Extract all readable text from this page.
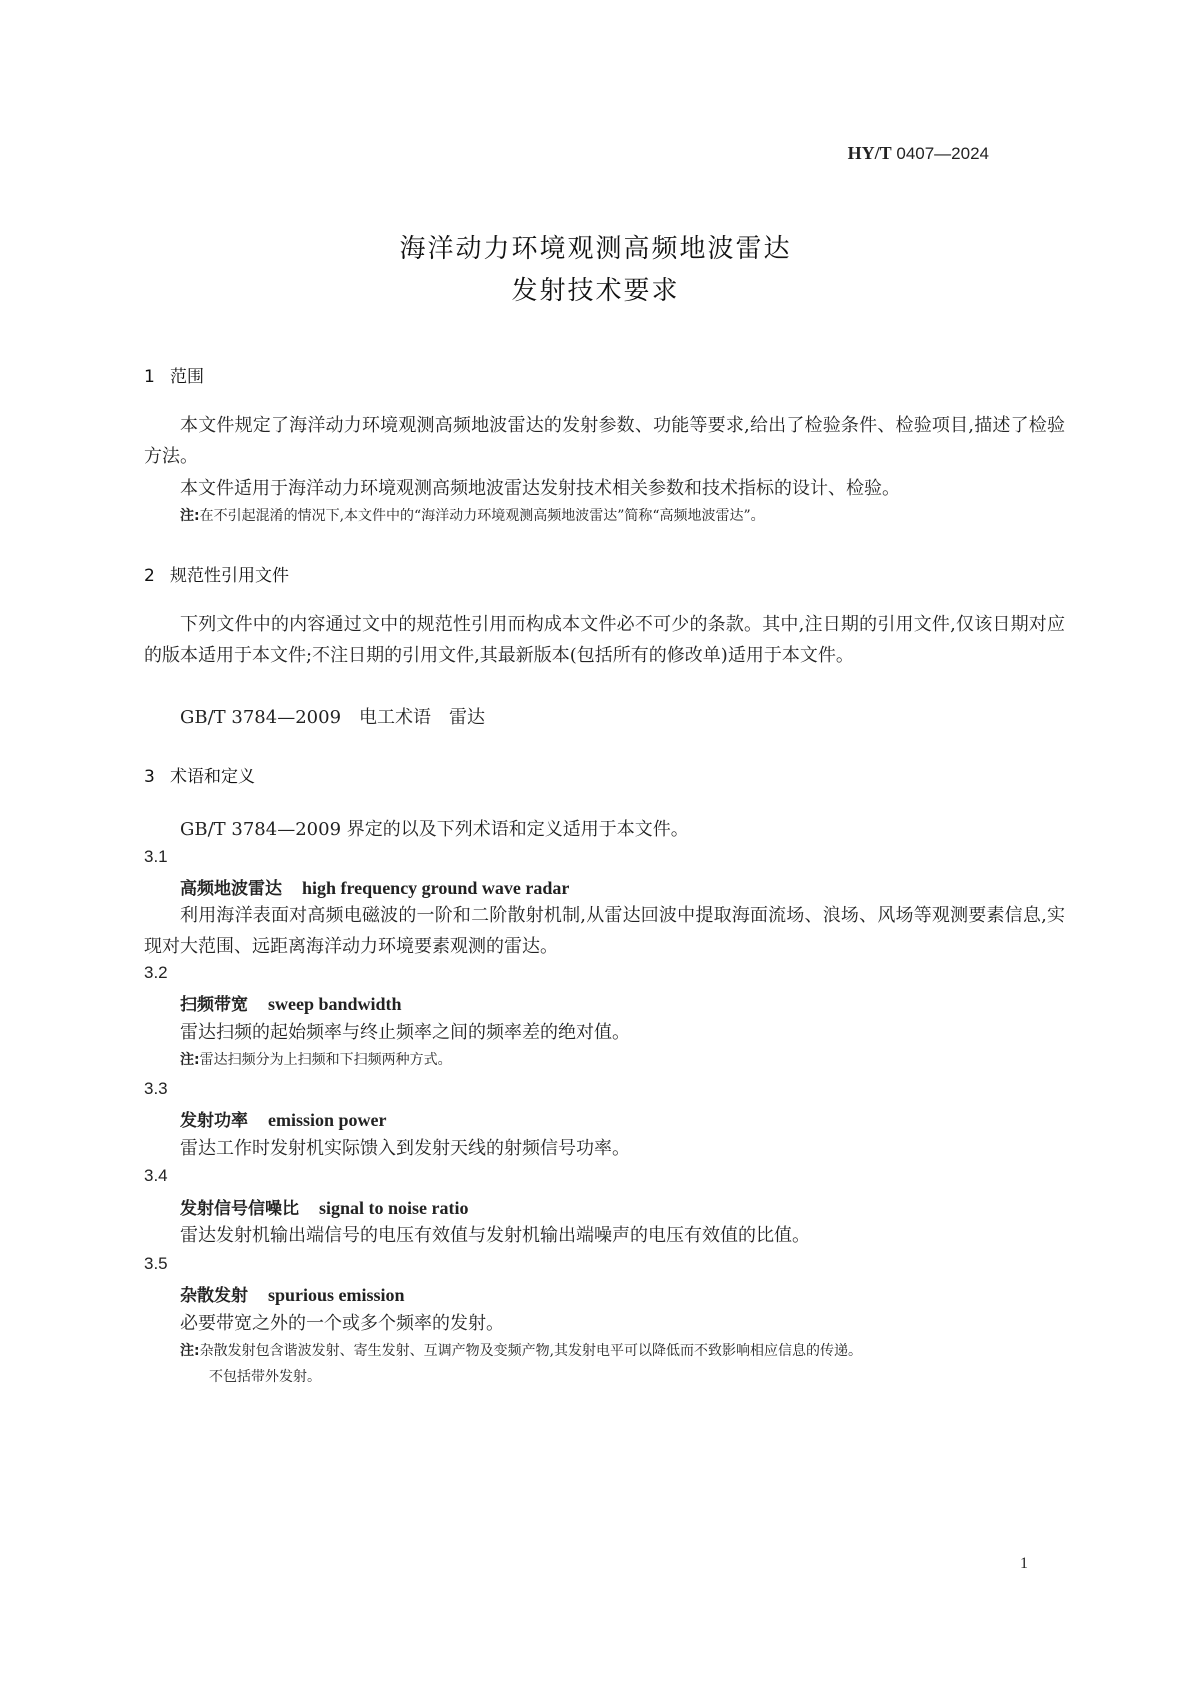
HY/T 0407—2024
海洋动力环境观测高频地波雷达
发射技术要求
1 范围
本文件规定了海洋动力环境观测高频地波雷达的发射参数、功能等要求,给出了检验条件、检验项目,描述了检验方法。
本文件适用于海洋动力环境观测高频地波雷达发射技术相关参数和技术指标的设计、检验。
注:在不引起混淆的情况下,本文件中的“海洋动力环境观测高频地波雷达”简称“高频地波雷达”。
2 规范性引用文件
下列文件中的内容通过文中的规范性引用而构成本文件必不可少的条款。其中,注日期的引用文件,仅该日期对应的版本适用于本文件;不注日期的引用文件,其最新版本(包括所有的修改单)适用于本文件。
GB/T 3784—2009　电工术语　雷达
3 术语和定义
GB/T 3784—2009 界定的以及下列术语和定义适用于本文件。
3.1
高频地波雷达 high frequency ground wave radar
利用海洋表面对高频电磁波的一阶和二阶散射机制,从雷达回波中提取海面流场、浪场、风场等观测要素信息,实现对大范围、远距离海洋动力环境要素观测的雷达。
3.2
扫频带宽 sweep bandwidth
雷达扫频的起始频率与终止频率之间的频率差的绝对值。
注:雷达扫频分为上扫频和下扫频两种方式。
3.3
发射功率 emission power
雷达工作时发射机实际馈入到发射天线的射频信号功率。
3.4
发射信号信噪比 signal to noise ratio
雷达发射机输出端信号的电压有效值与发射机输出端噪声的电压有效值的比值。
3.5
杂散发射 spurious emission
必要带宽之外的一个或多个频率的发射。
注:杂散发射包含谐波发射、寄生发射、互调产物及变频产物,其发射电平可以降低而不致影响相应信息的传递。
不包括带外发射。
1
